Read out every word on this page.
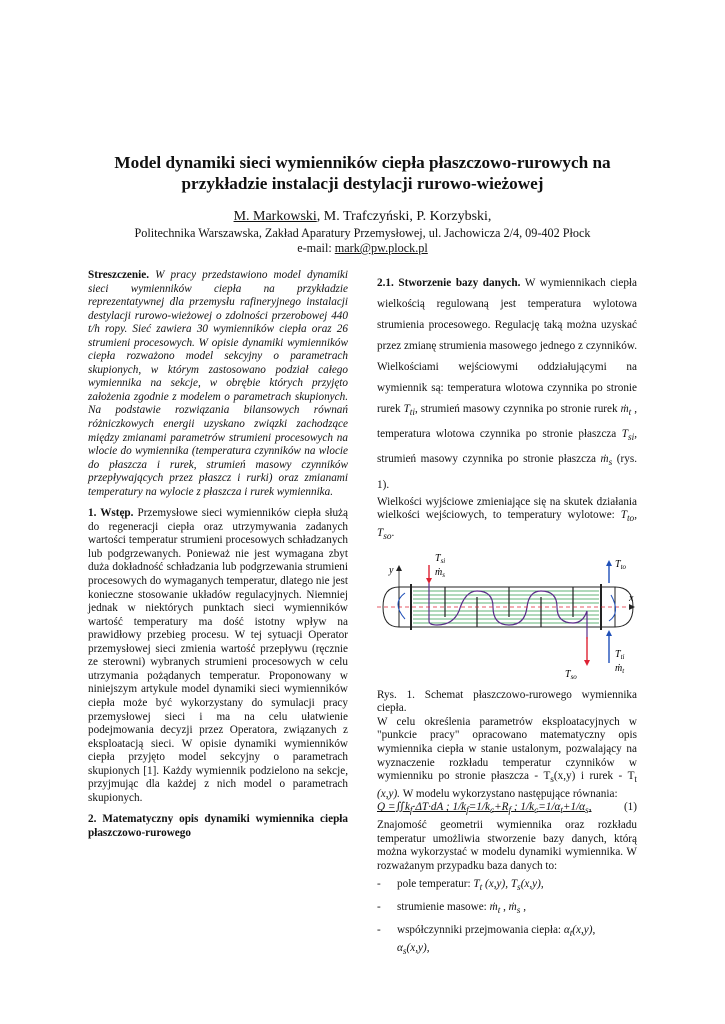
Model dynamiki sieci wymienników ciepła płaszczowo-rurowych na
przykładzie instalacji destylacji rurowo-wieżowej

M. Markowski, M. Trafczyński, P. Korzybski,

Politechnika Warszawska, Zakład Aparatury Przemysłowej, ul. Jachowicza 2/4, 09-402 Płock
e-mail: mark@pw.plock.pl

Streszczenie. W pracy przedstawiono model dynamiki sieci wymienników ciepła na przykładzie reprezentatywnej dla przemysłu rafineryjnego instalacji destylacji rurowo-wieżowej o zdolności przerobowej 440 t/h ropy. Sieć zawiera 30 wymienników ciepła oraz 26 strumieni procesowych. W opisie dynamiki wymienników ciepła rozważono model sekcyjny o parametrach skupionych, w którym zastosowano podział całego wymiennika na sekcje, w obrębie których przyjęto założenia zgodnie z modelem o parametrach skupionych. Na podstawie rozwiązania bilansowych równań różniczkowych energii uzyskano związki zachodzące między zmianami parametrów strumieni procesowych na wlocie do wymiennika (temperatura czynników na wlocie do płaszcza i rurek, strumień masowy czynników przepływających przez płaszcz i rurki) oraz zmianami temperatury na wylocie z płaszcza i rurek wymiennika.

1. Wstęp. Przemysłowe sieci wymienników ciepła służą do regeneracji ciepła oraz utrzymywania zadanych wartości temperatur strumieni procesowych schładzanych lub podgrzewanych. Ponieważ nie jest wymagana zbyt duża dokładność schładzania lub podgrzewania strumieni procesowych do wymaganych temperatur, dlatego nie jest konieczne stosowanie układów regulacyjnych. Niemniej jednak w niektórych punktach sieci wymienników wartość temperatury ma dość istotny wpływ na prawidłowy przebieg procesu. W tej sytuacji Operator przemysłowej sieci zmienia wartość przepływu (ręcznie ze sterowni) wybranych strumieni procesowych w celu utrzymania pożądanych temperatur. Proponowany w niniejszym artykule model dynamiki sieci wymienników ciepła może być wykorzystany do symulacji pracy przemysłowej sieci i ma na celu ułatwienie podejmowania decyzji przez Operatora, związanych z eksploatacją sieci. W opisie dynamiki wymienników ciepła przyjęto model sekcyjny o parametrach skupionych [1]. Każdy wymiennik podzielono na sekcje, przyjmując dla każdej z nich model o parametrach skupionych.

2. Matematyczny opis dynamiki wymiennika ciepła płaszczowo-rurowego

2.1. Stworzenie bazy danych. W wymiennikach ciepła wielkością regulowaną jest temperatura wylotowa strumienia procesowego. Regulację taką można uzyskać przez zmianę strumienia masowego jednego z czynników. Wielkościami wejściowymi oddziałującymi na wymiennik są: temperatura wlotowa czynnika po stronie rurek $T_{ti}$, strumień masowy czynnika po stronie rurek ṁ$_t$ , temperatura wlotowa czynnika po stronie płaszcza $T_{si}$, strumień masowy czynnika po stronie płaszcza ṁ$_s$ (rys. 1).

Wielkości wyjściowe zmieniające się na skutek działania wielkości wejściowych, to temperatury wylotowe: $T_{to}$, $T_{so}$.

y
x
$T_{si}$
ṁ$_s$
$T_{to}$
$T_{so}$
$T_{ti}$
ṁ$_t$

Rys. 1. Schemat płaszczowo-rurowego wymiennika ciepła.

W celu określenia parametrów eksploatacyjnych w "punkcie pracy" opracowano matematyczny opis wymiennika ciepła w stanie ustalonym, pozwalający na wyznaczenie rozkładu temperatur czynników w wymienniku po stronie płaszcza - $T_s(x,y)$ i rurek - $T_t$ (x,y). W modelu wykorzystano następujące równania:

$Q =∬k_f\cdot\Delta T\cdot dA$ ; $1/k_f=1/k_c+R_f$ ; $1/k_c=1/\alpha_t+1/\alpha_s$,	(1)

Znajomość geometrii wymiennika oraz rozkładu temperatur umożliwia stworzenie bazy danych, którą można wykorzystać w modelu dynamiki wymiennika. W rozważanym przypadku baza danych to:

-	pole temperatur: $T_t$ (x,y), $T_s(x,y)$,
-	strumienie masowe: ṁ$_t$ , ṁ$_s$ ,
-	współczynniki przejmowania ciepła: $\alpha_t(x,y)$,
$\alpha_s(x,y)$,
